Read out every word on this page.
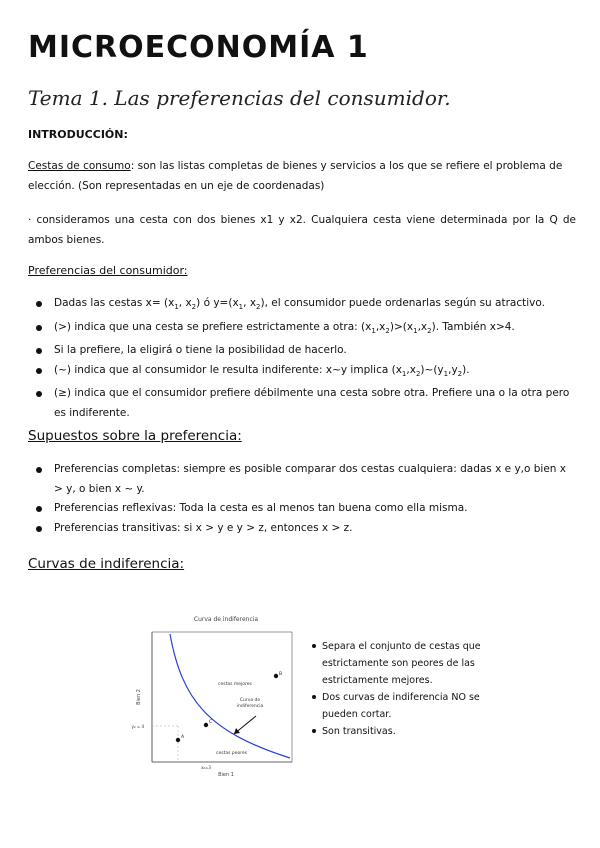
MICROECONOMÍA 1
Tema 1. Las preferencias del consumidor.
INTRODUCCIÓN:
Cestas de consumo: son las listas completas de bienes y servicios a los que se refiere el problema de
elección. (Son representadas en un eje de coordenadas)
· consideramos una cesta con dos bienes x1 y x2. Cualquiera cesta viene determinada por la Q de ambos bienes.
Preferencias del consumidor:
Dadas las cestas $x= (x_1$, $x_2$) ó $y=(x_1$, $x_2$), el consumidor puede ordenarlas según su atractivo.
(>) indica que una cesta se prefiere estrictamente a otra: $(x_1,x_2)>(x_1,x_2)$. También x>4.
Si la prefiere, la eligirá o tiene la posibilidad de hacerlo.
(~) indica que al consumidor le resulta indiferente: x~y implica $(x_1,x_2)\sim(y_1,y_2)$.
(≥) indica que el consumidor prefiere débilmente una cesta sobre otra. Prefiere una o la otra pero es indiferente.
Supuestos sobre la preferencia:
Preferencias completas: siempre es posible comparar dos cestas cualquiera: dadas x e y,o bien x > y, o bien x ~ y.
Preferencias reflexivas: Toda la cesta es al menos tan buena como ella misma.
Preferencias transitivas: si x > y e y > z, entonces x > z.
Curvas de indiferencia:
Curva de indiferencia
cestas mejores
cestas peores
Curva de
indiferencia
B
C
A
y₂ = 4
x₂=3
Bien 1
Bien 2
Separa el conjunto de cestas que estrictamente son peores de las estrictamente mejores.
Dos curvas de indiferencia NO se pueden cortar.
Son transitivas.
